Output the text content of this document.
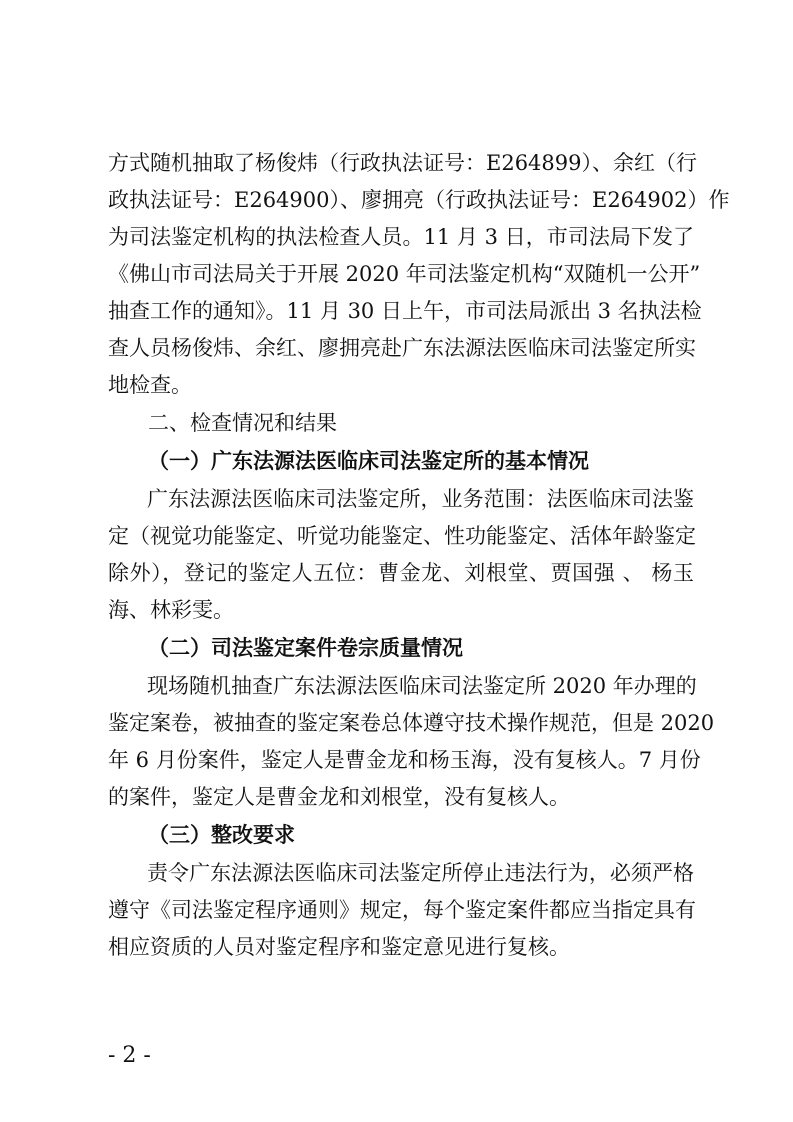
方式随机抽取了杨俊炜（行政执法证号：E264899）、余红（行
政执法证号：E264900）、廖拥亮（行政执法证号：E264902）作
为司法鉴定机构的执法检查人员。11 月 3 日，市司法局下发了
《佛山市司法局关于开展 2020 年司法鉴定机构“双随机一公开”
抽查工作的通知》。11 月 30 日上午，市司法局派出 3 名执法检
查人员杨俊炜、余红、廖拥亮赴广东法源法医临床司法鉴定所实
地检查。
二、检查情况和结果
（一）广东法源法医临床司法鉴定所的基本情况
广东法源法医临床司法鉴定所，业务范围：法医临床司法鉴
定（视觉功能鉴定、听觉功能鉴定、性功能鉴定、活体年龄鉴定
除外），登记的鉴定人五位：曹金龙、刘根堂、贾国强 、 杨玉
海、林彩雯。
（二）司法鉴定案件卷宗质量情况
现场随机抽查广东法源法医临床司法鉴定所 2020 年办理的
鉴定案卷，被抽查的鉴定案卷总体遵守技术操作规范，但是 2020
年 6 月份案件，鉴定人是曹金龙和杨玉海，没有复核人。7 月份
的案件，鉴定人是曹金龙和刘根堂，没有复核人。
（三）整改要求
责令广东法源法医临床司法鉴定所停止违法行为，必须严格
遵守《司法鉴定程序通则》规定，每个鉴定案件都应当指定具有
相应资质的人员对鉴定程序和鉴定意见进行复核。
- 2 -
